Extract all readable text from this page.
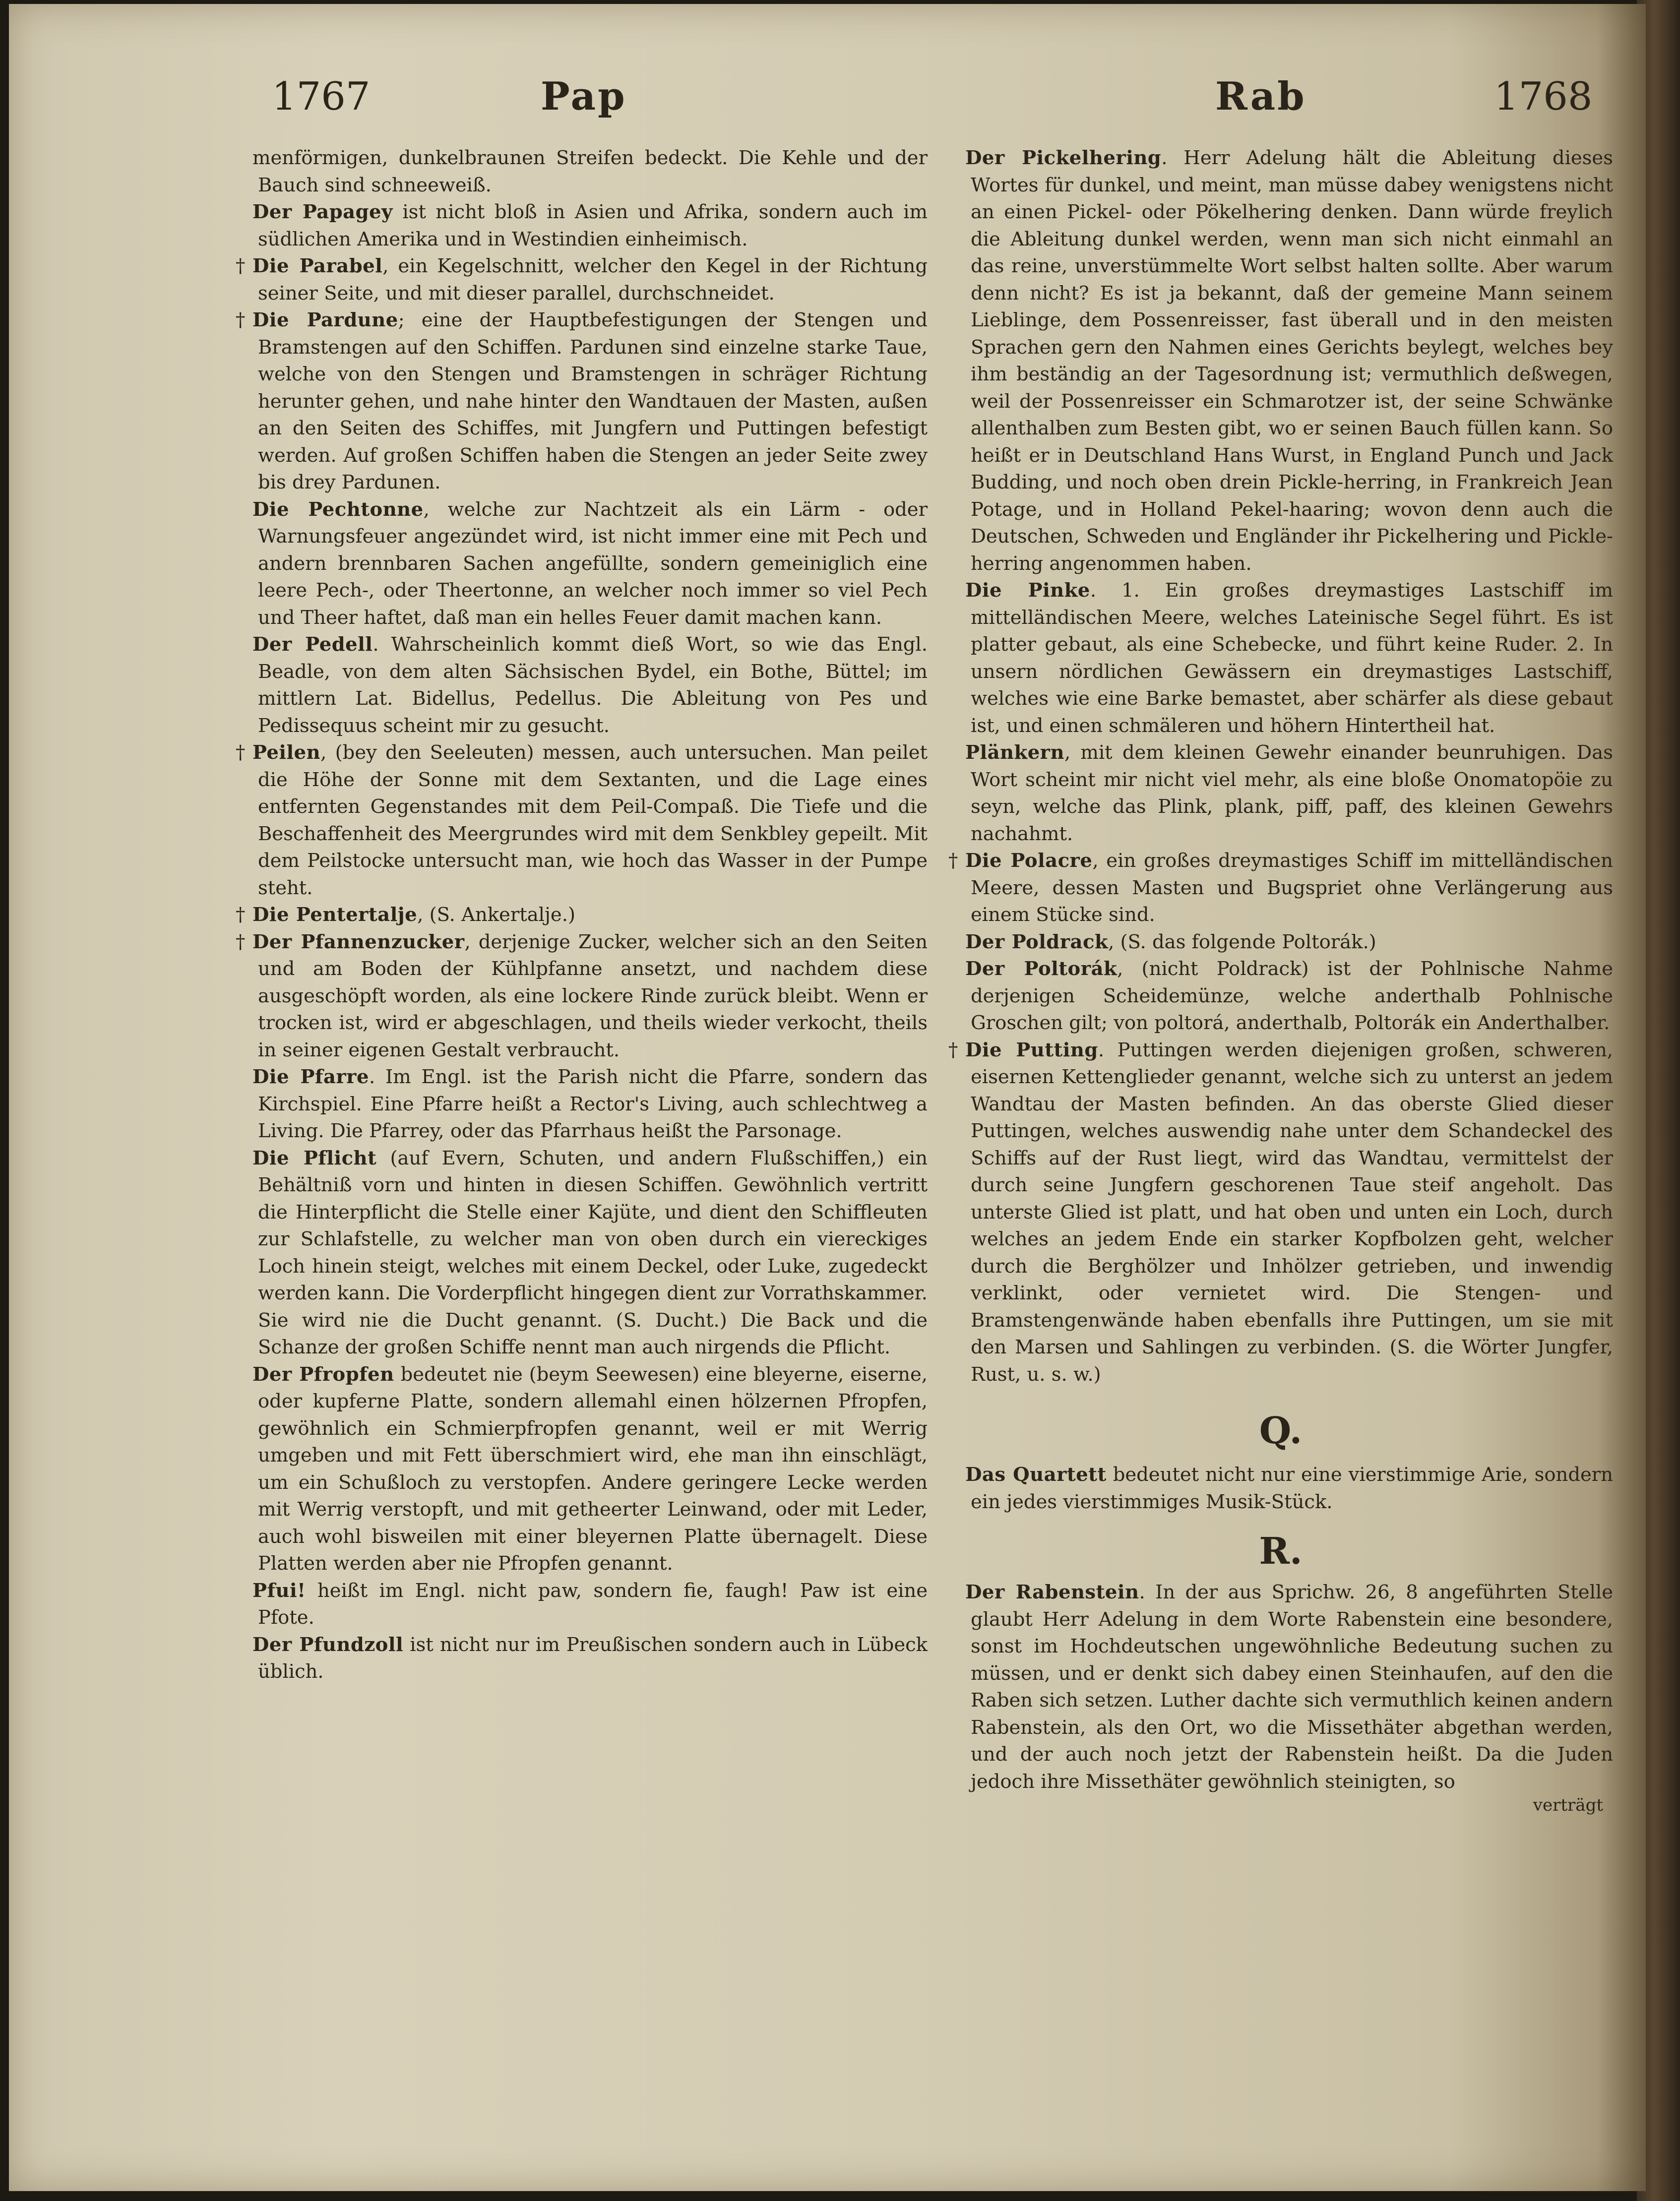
1767	Pap	Rab	1768

menförmigen, dunkelbraunen Streifen bedeckt. Die Kehle und der Bauch sind schneeweiß.

Der Papagey ist nicht bloß in Asien und Afrika, sondern auch im südlichen Amerika und in Westindien einheimisch.

† Die Parabel, ein Kegelschnitt, welcher den Kegel in der Richtung seiner Seite, und mit dieser parallel, durchschneidet.

† Die Pardune; eine der Hauptbefestigungen der Stengen und Bramstengen auf den Schiffen. Pardunen sind einzelne starke Taue, welche von den Stengen und Bramstengen in schräger Richtung herunter gehen, und nahe hinter den Wandtauen der Masten, außen an den Seiten des Schiffes, mit Jungfern und Puttingen befestigt werden. Auf großen Schiffen haben die Stengen an jeder Seite zwey bis drey Pardunen.

Die Pechtonne, welche zur Nachtzeit als ein Lärm - oder Warnungsfeuer angezündet wird, ist nicht immer eine mit Pech und andern brennbaren Sachen angefüllte, sondern gemeiniglich eine leere Pech-, oder Theertonne, an welcher noch immer so viel Pech und Theer haftet, daß man ein helles Feuer damit machen kann.

Der Pedell. Wahrscheinlich kommt dieß Wort, so wie das Engl. Beadle, von dem alten Sächsischen Bydel, ein Bothe, Büttel; im mittlern Lat. Bidellus, Pedellus. Die Ableitung von Pes und Pedissequus scheint mir zu gesucht.

† Peilen, (bey den Seeleuten) messen, auch untersuchen. Man peilet die Höhe der Sonne mit dem Sextanten, und die Lage eines entfernten Gegenstandes mit dem Peil-Compaß. Die Tiefe und die Beschaffenheit des Meergrundes wird mit dem Senkbley gepeilt. Mit dem Peilstocke untersucht man, wie hoch das Wasser in der Pumpe steht.

† Die Pentertalje, (S. Ankertalje.)

† Der Pfannenzucker, derjenige Zucker, welcher sich an den Seiten und am Boden der Kühlpfanne ansetzt, und nachdem diese ausgeschöpft worden, als eine lockere Rinde zurück bleibt. Wenn er trocken ist, wird er abgeschlagen, und theils wieder verkocht, theils in seiner eigenen Gestalt verbraucht.

Die Pfarre. Im Engl. ist the Parish nicht die Pfarre, sondern das Kirchspiel. Eine Pfarre heißt a Rector's Living, auch schlechtweg a Living. Die Pfarrey, oder das Pfarrhaus heißt the Parsonage.

Die Pflicht (auf Evern, Schuten, und andern Flußschiffen,) ein Behältniß vorn und hinten in diesen Schiffen. Gewöhnlich vertritt die Hinterpflicht die Stelle einer Kajüte, und dient den Schiffleuten zur Schlafstelle, zu welcher man von oben durch ein viereckiges Loch hinein steigt, welches mit einem Deckel, oder Luke, zugedeckt werden kann. Die Vorderpflicht hingegen dient zur Vorrathskammer. Sie wird nie die Ducht genannt. (S. Ducht.) Die Back und die Schanze der großen Schiffe nennt man auch nirgends die Pflicht.

Der Pfropfen bedeutet nie (beym Seewesen) eine bleyerne, eiserne, oder kupferne Platte, sondern allemahl einen hölzernen Pfropfen, gewöhnlich ein Schmierpfropfen genannt, weil er mit Werrig umgeben und mit Fett überschmiert wird, ehe man ihn einschlägt, um ein Schußloch zu verstopfen. Andere geringere Lecke werden mit Werrig verstopft, und mit getheerter Leinwand, oder mit Leder, auch wohl bisweilen mit einer bleyernen Platte übernagelt. Diese Platten werden aber nie Pfropfen genannt.

Pfui! heißt im Engl. nicht paw, sondern fie, faugh! Paw ist eine Pfote.

Der Pfundzoll ist nicht nur im Preußischen sondern auch in Lübeck üblich.

Der Pickelhering. Herr Adelung hält die Ableitung dieses Wortes für dunkel, und meint, man müsse dabey wenigstens nicht an einen Pickel- oder Pökelhering denken. Dann würde freylich die Ableitung dunkel werden, wenn man sich nicht einmahl an das reine, unverstümmelte Wort selbst halten sollte. Aber warum denn nicht? Es ist ja bekannt, daß der gemeine Mann seinem Lieblinge, dem Possenreisser, fast überall und in den meisten Sprachen gern den Nahmen eines Gerichts beylegt, welches bey ihm beständig an der Tagesordnung ist; vermuthlich deßwegen, weil der Possenreisser ein Schmarotzer ist, der seine Schwänke allenthalben zum Besten gibt, wo er seinen Bauch füllen kann. So heißt er in Deutschland Hans Wurst, in England Punch und Jack Budding, und noch oben drein Pickle-herring, in Frankreich Jean Potage, und in Holland Pekel-haaring; wovon denn auch die Deutschen, Schweden und Engländer ihr Pickelhering und Pickle-herring angenommen haben.

Die Pinke. 1. Ein großes dreymastiges Lastschiff im mittelländischen Meere, welches Lateinische Segel führt. Es ist platter gebaut, als eine Schebecke, und führt keine Ruder. 2. In unsern nördlichen Gewässern ein dreymastiges Lastschiff, welches wie eine Barke bemastet, aber schärfer als diese gebaut ist, und einen schmäleren und höhern Hintertheil hat.

Plänkern, mit dem kleinen Gewehr einander beunruhigen. Das Wort scheint mir nicht viel mehr, als eine bloße Onomatopöie zu seyn, welche das Plink, plank, piff, paff, des kleinen Gewehrs nachahmt.

† Die Polacre, ein großes dreymastiges Schiff im mittelländischen Meere, dessen Masten und Bugspriet ohne Verlängerung aus einem Stücke sind.

Der Poldrack, (S. das folgende Poltorák.)

Der Poltorák, (nicht Poldrack) ist der Pohlnische Nahme derjenigen Scheidemünze, welche anderthalb Pohlnische Groschen gilt; von poltorá, anderthalb, Poltorák ein Anderthalber.

† Die Putting. Puttingen werden diejenigen großen, schweren, eisernen Kettenglieder genannt, welche sich zu unterst an jedem Wandtau der Masten befinden. An das oberste Glied dieser Puttingen, welches auswendig nahe unter dem Schandeckel des Schiffs auf der Rust liegt, wird das Wandtau, vermittelst der durch seine Jungfern geschorenen Taue steif angeholt. Das unterste Glied ist platt, und hat oben und unten ein Loch, durch welches an jedem Ende ein starker Kopfbolzen geht, welcher durch die Berghölzer und Inhölzer getrieben, und inwendig verklinkt, oder vernietet wird. Die Stengen- und Bramstengenwände haben ebenfalls ihre Puttingen, um sie mit den Marsen und Sahlingen zu verbinden. (S. die Wörter Jungfer, Rust, u. s. w.)

Q.

Das Quartett bedeutet nicht nur eine vierstimmige Arie, sondern ein jedes vierstimmiges Musik-Stück.

R.

Der Rabenstein. In der aus Sprichw. 26, 8 angeführten Stelle glaubt Herr Adelung in dem Worte Rabenstein eine besondere, sonst im Hochdeutschen ungewöhnliche Bedeutung suchen zu müssen, und er denkt sich dabey einen Steinhaufen, auf den die Raben sich setzen. Luther dachte sich vermuthlich keinen andern Rabenstein, als den Ort, wo die Missethäter abgethan werden, und der auch noch jetzt der Rabenstein heißt. Da die Juden jedoch ihre Missethäter gewöhnlich steinigten, so

verträgt
